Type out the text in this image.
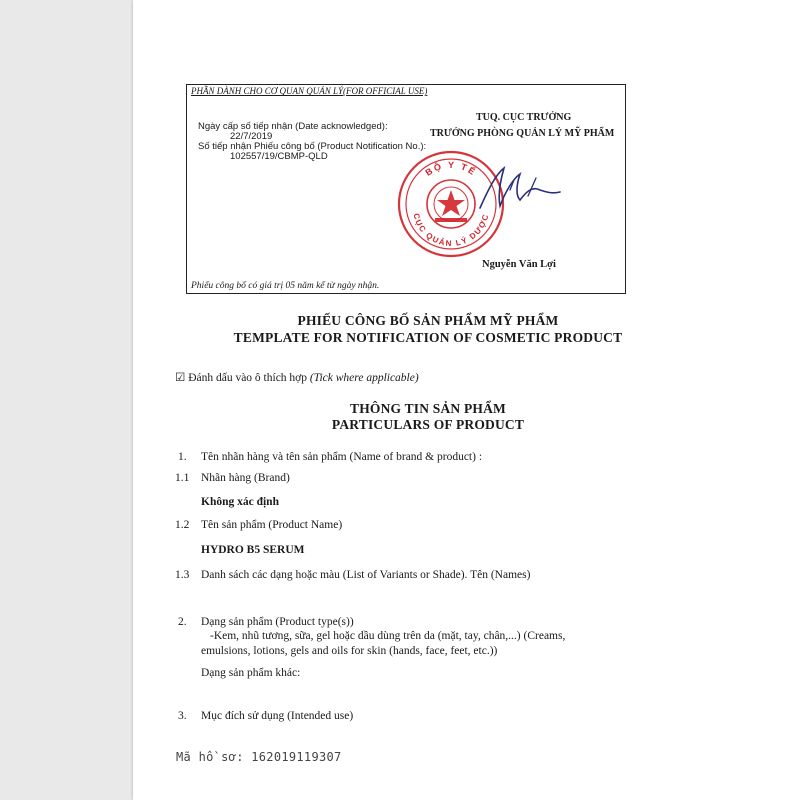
PHẦN DÀNH CHO CƠ QUAN QUẢN LÝ(FOR OFFICIAL USE)
Ngày cấp số tiếp nhận (Date acknowledged):
22/7/2019
Số tiếp nhận Phiếu công bố (Product Notification No.):
102557/19/CBMP-QLD
TUQ. CỤC TRƯỞNG
TRƯỞNG PHÒNG QUẢN LÝ MỸ PHẨM
BỘ Y TẾ
CỤC QUẢN LÝ DƯỢC
Nguyễn Văn Lợi
Phiếu công bố có giá trị 05 năm kể từ ngày nhận.
PHIẾU CÔNG BỐ SẢN PHẨM MỸ PHẨM
TEMPLATE FOR NOTIFICATION OF COSMETIC PRODUCT
☑ Đánh dấu vào ô thích hợp (Tick where applicable)
THÔNG TIN SẢN PHẨM
PARTICULARS OF PRODUCT
1. Tên nhãn hàng và tên sản phẩm (Name of brand & product) :
1.1 Nhãn hàng (Brand)
Không xác định
1.2 Tên sản phẩm (Product Name)
HYDRO B5 SERUM
1.3 Danh sách các dạng hoặc màu (List of Variants or Shade). Tên (Names)
2. Dạng sản phẩm (Product type(s))
-Kem, nhũ tương, sữa, gel hoặc dầu dùng trên da (mặt, tay, chân,...) (Creams,
emulsions, lotions, gels and oils for skin (hands, face, feet, etc.))
Dạng sản phẩm khác:
3. Mục đích sử dụng (Intended use)
Mã hồ sơ: 162019119307
